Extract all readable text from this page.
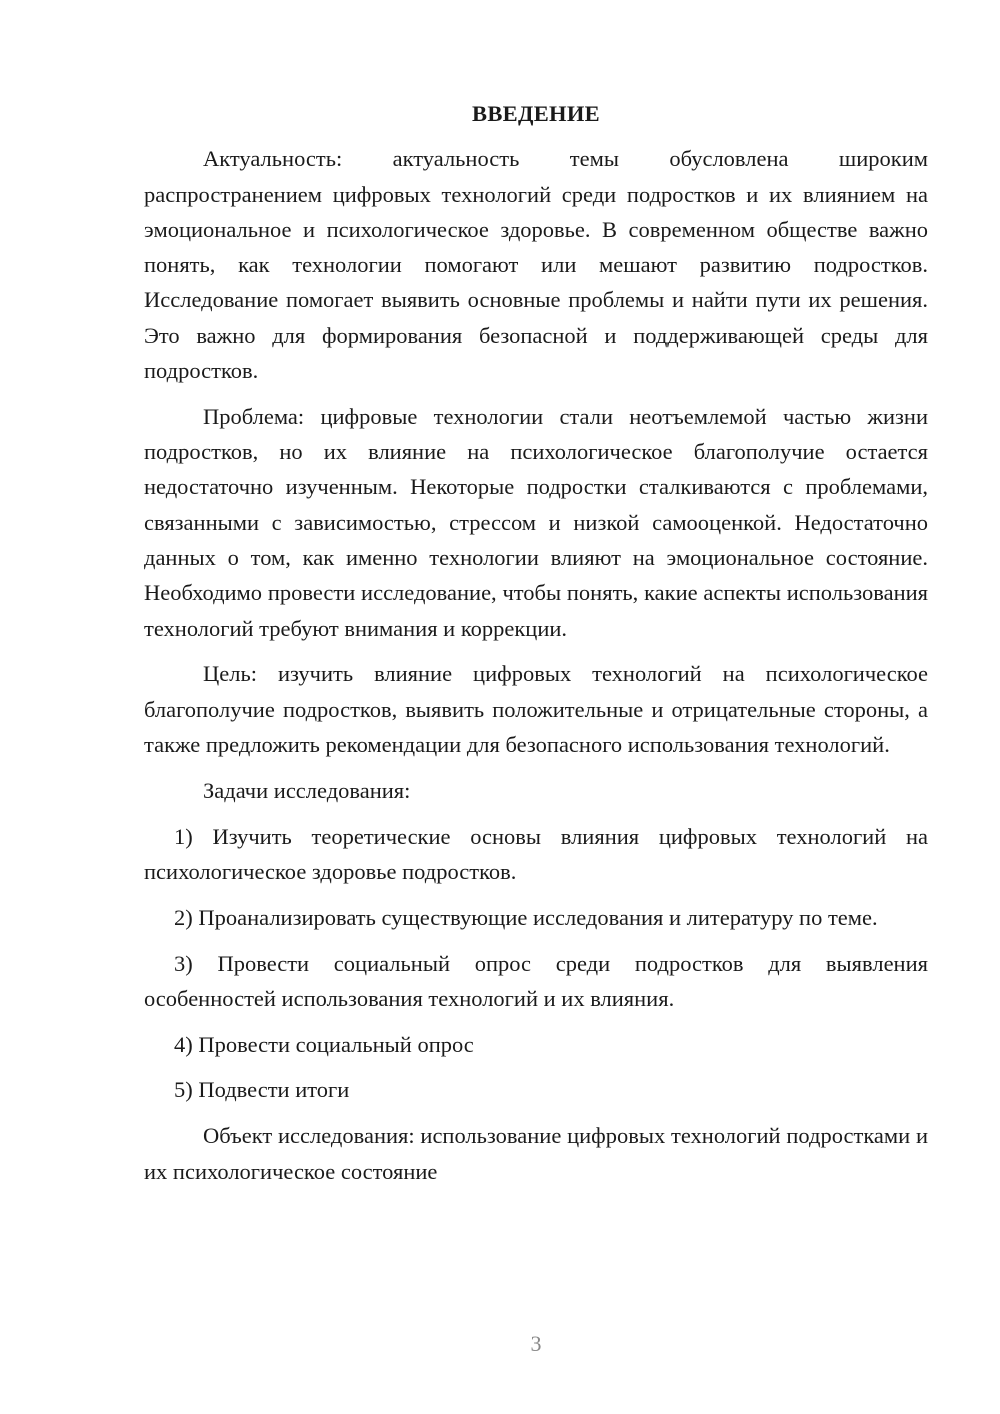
ВВЕДЕНИЕ

Актуальность: актуальность темы обусловлена широким распространением цифровых технологий среди подростков и их влиянием на эмоциональное и психологическое здоровье. В современном обществе важно понять, как технологии помогают или мешают развитию подростков. Исследование помогает выявить основные проблемы и найти пути их решения. Это важно для формирования безопасной и поддерживающей среды для подростков.

Проблема: цифровые технологии стали неотъемлемой частью жизни подростков, но их влияние на психологическое благополучие остается недостаточно изученным. Некоторые подростки сталкиваются с проблемами, связанными с зависимостью, стрессом и низкой самооценкой. Недостаточно данных о том, как именно технологии влияют на эмоциональное состояние. Необходимо провести исследование, чтобы понять, какие аспекты использования технологий требуют внимания и коррекции.

Цель: изучить влияние цифровых технологий на психологическое благополучие подростков, выявить положительные и отрицательные стороны, а также предложить рекомендации для безопасного использования технологий.

Задачи исследования:

1) Изучить теоретические основы влияния цифровых технологий на психологическое здоровье подростков.

2) Проанализировать существующие исследования и литературу по теме.

3) Провести социальный опрос среди подростков для выявления особенностей использования технологий и их влияния.

4) Провести социальный опрос

5) Подвести итоги

Объект исследования: использование цифровых технологий подростками и их психологическое состояние

3
